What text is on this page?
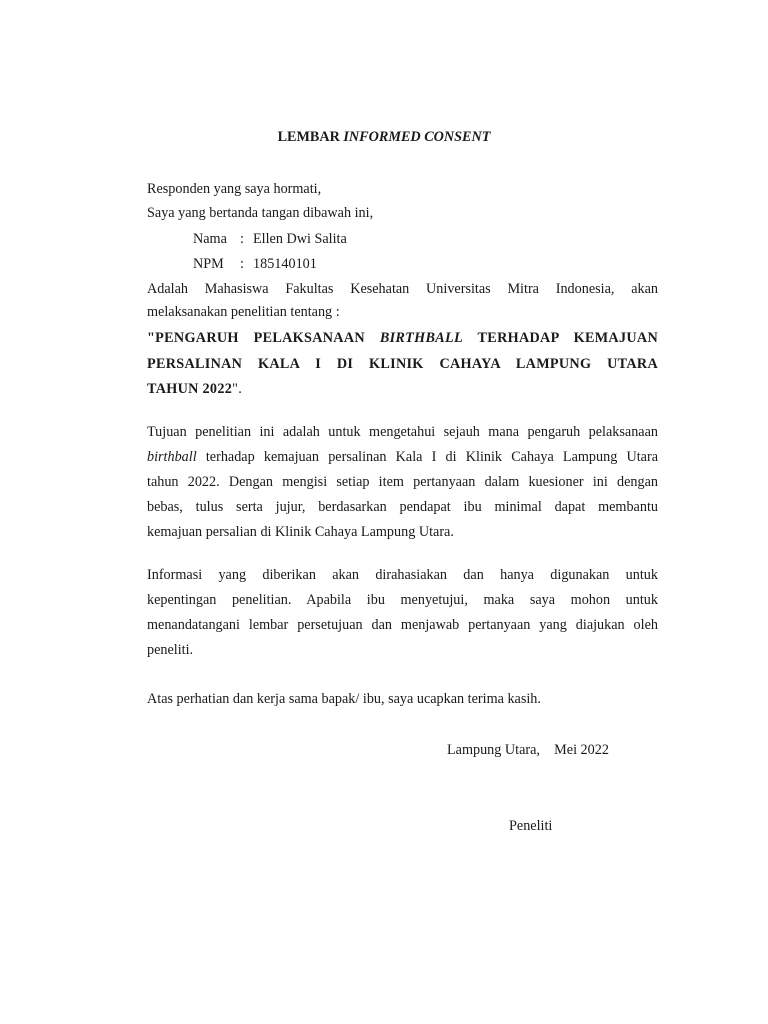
LEMBAR INFORMED CONSENT
Responden yang saya hormati,
Saya yang bertanda tangan dibawah ini,
Nama : Ellen Dwi Salita
NPM : 185140101
Adalah Mahasiswa Fakultas Kesehatan Universitas Mitra Indonesia, akan
melaksanakan penelitian tentang :
"PENGARUH PELAKSANAAN BIRTHBALL TERHADAP KEMAJUAN
PERSALINAN KALA I DI KLINIK CAHAYA LAMPUNG UTARA
TAHUN 2022".
Tujuan penelitian ini adalah untuk mengetahui sejauh mana pengaruh pelaksanaan
birthball terhadap kemajuan persalinan Kala I di Klinik Cahaya Lampung Utara
tahun 2022. Dengan mengisi setiap item pertanyaan dalam kuesioner ini dengan
bebas, tulus serta jujur, berdasarkan pendapat ibu minimal dapat membantu
kemajuan persalian di Klinik Cahaya Lampung Utara.
Informasi yang diberikan akan dirahasiakan dan hanya digunakan untuk
kepentingan penelitian. Apabila ibu menyetujui, maka saya mohon untuk
menandatangani lembar persetujuan dan menjawab pertanyaan yang diajukan oleh
peneliti.
Atas perhatian dan kerja sama bapak/ ibu, saya ucapkan terima kasih.
Lampung Utara,    Mei 2022
Peneliti
